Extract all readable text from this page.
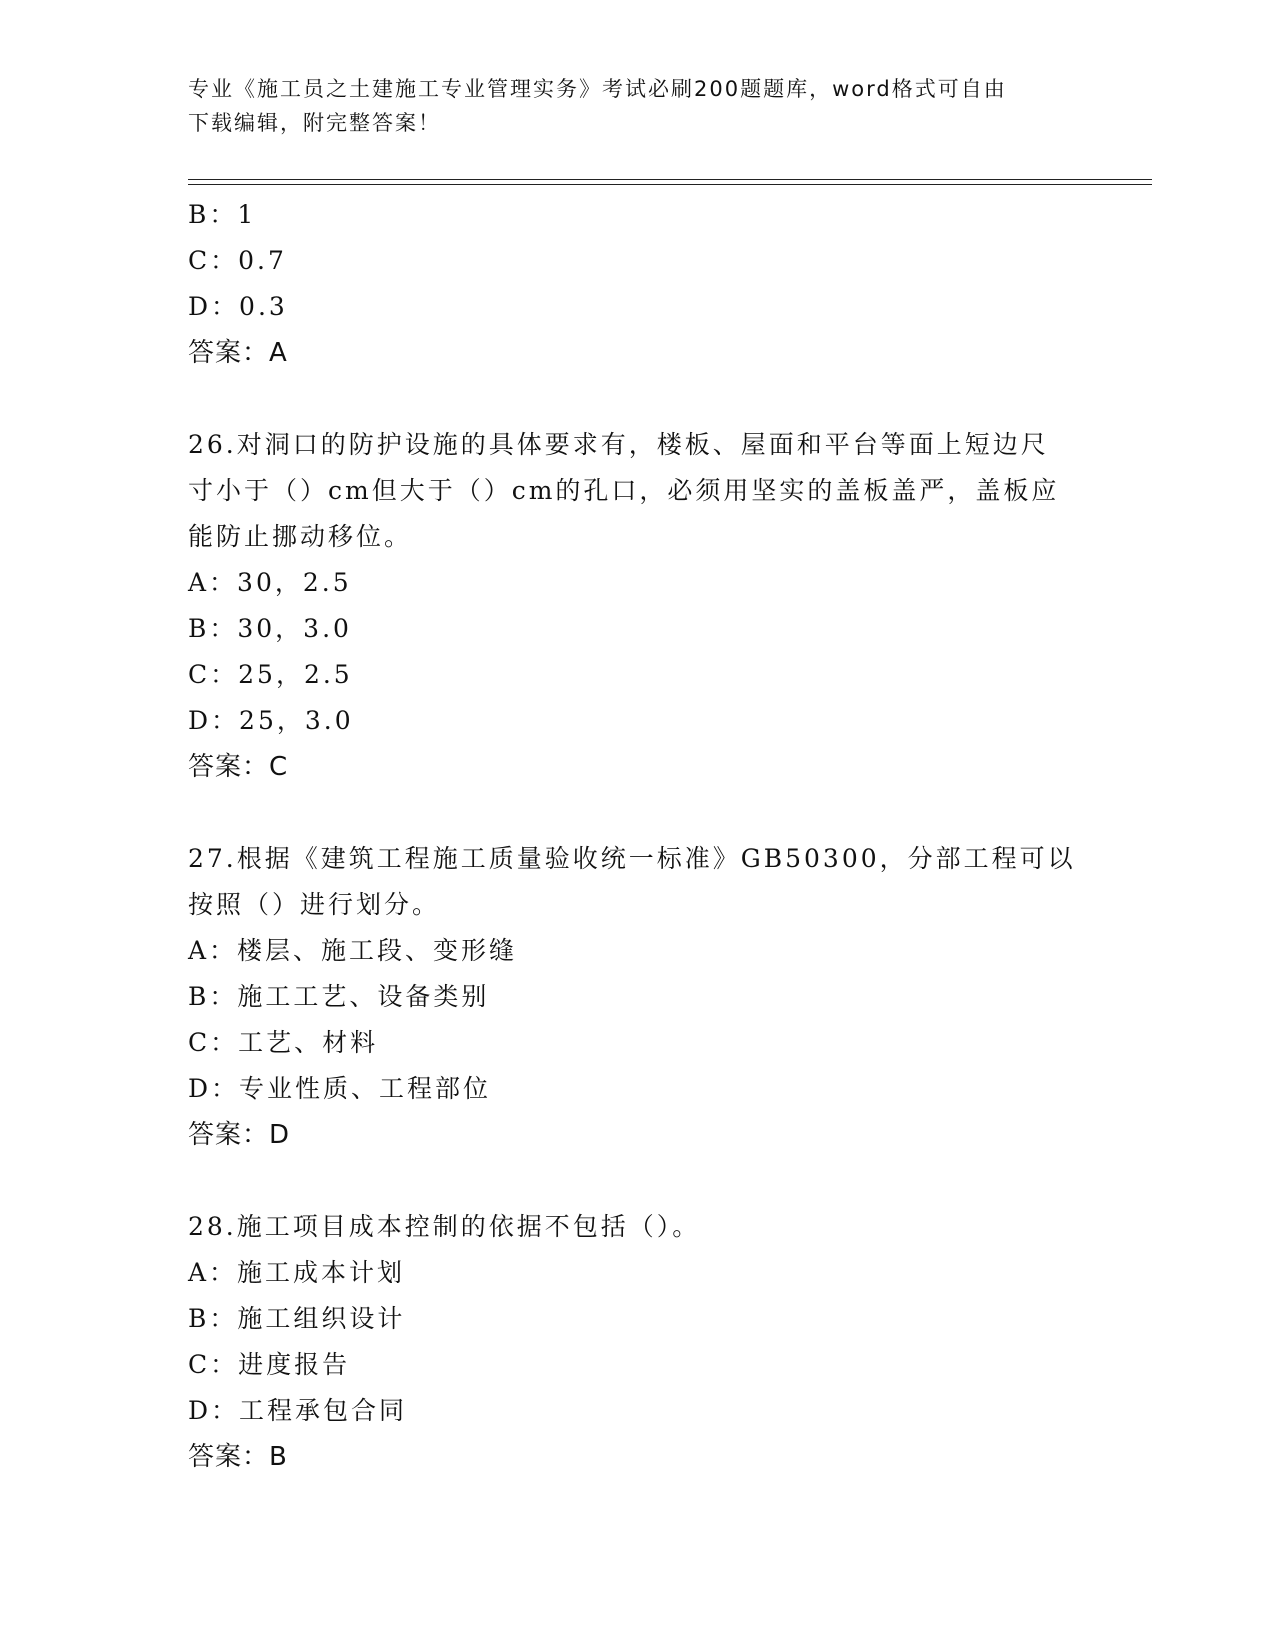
专业《施工员之土建施工专业管理实务》考试必刷200题题库，word格式可自由
下载编辑，附完整答案！
B：1
C：0.7
D：0.3
答案：A
26.对洞口的防护设施的具体要求有，楼板、屋面和平台等面上短边尺
寸小于（）cm但大于（）cm的孔口，必须用坚实的盖板盖严，盖板应
能防止挪动移位。
A：30，2.5
B：30，3.0
C：25，2.5
D：25，3.0
答案：C
27.根据《建筑工程施工质量验收统一标准》GB50300，分部工程可以
按照（）进行划分。
A：楼层、施工段、变形缝
B：施工工艺、设备类别
C：工艺、材料
D：专业性质、工程部位
答案：D
28.施工项目成本控制的依据不包括（）。
A：施工成本计划
B：施工组织设计
C：进度报告
D：工程承包合同
答案：B
